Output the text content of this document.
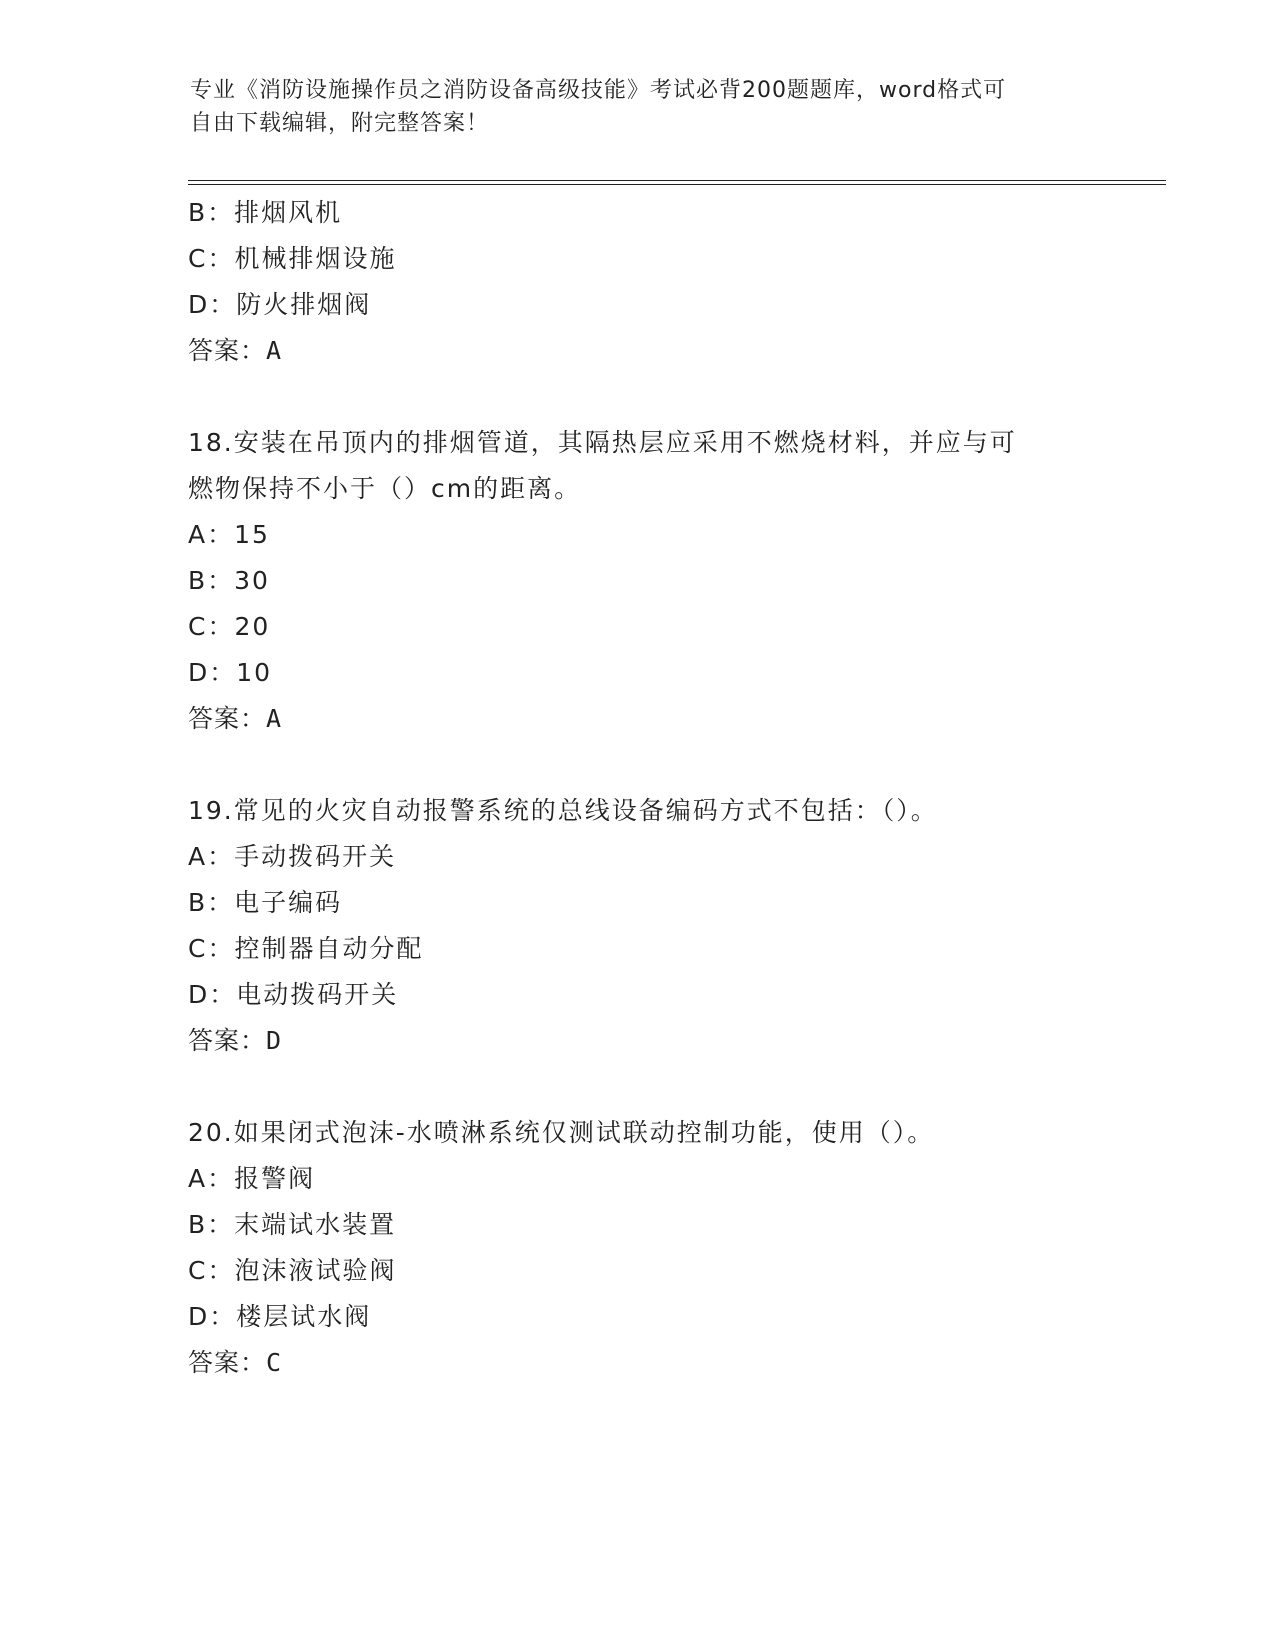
专业《消防设施操作员之消防设备高级技能》考试必背200题题库，word格式可
自由下载编辑，附完整答案！
B：排烟风机
C：机械排烟设施
D：防火排烟阀
答案：A
18.安装在吊顶内的排烟管道，其隔热层应采用不燃烧材料，并应与可
燃物保持不小于（）cm的距离。
A：15
B：30
C：20
D：10
答案：A
19.常见的火灾自动报警系统的总线设备编码方式不包括：（）。
A：手动拨码开关
B：电子编码
C：控制器自动分配
D：电动拨码开关
答案：D
20.如果闭式泡沫-水喷淋系统仅测试联动控制功能，使用（）。
A：报警阀
B：末端试水装置
C：泡沫液试验阀
D：楼层试水阀
答案：C
